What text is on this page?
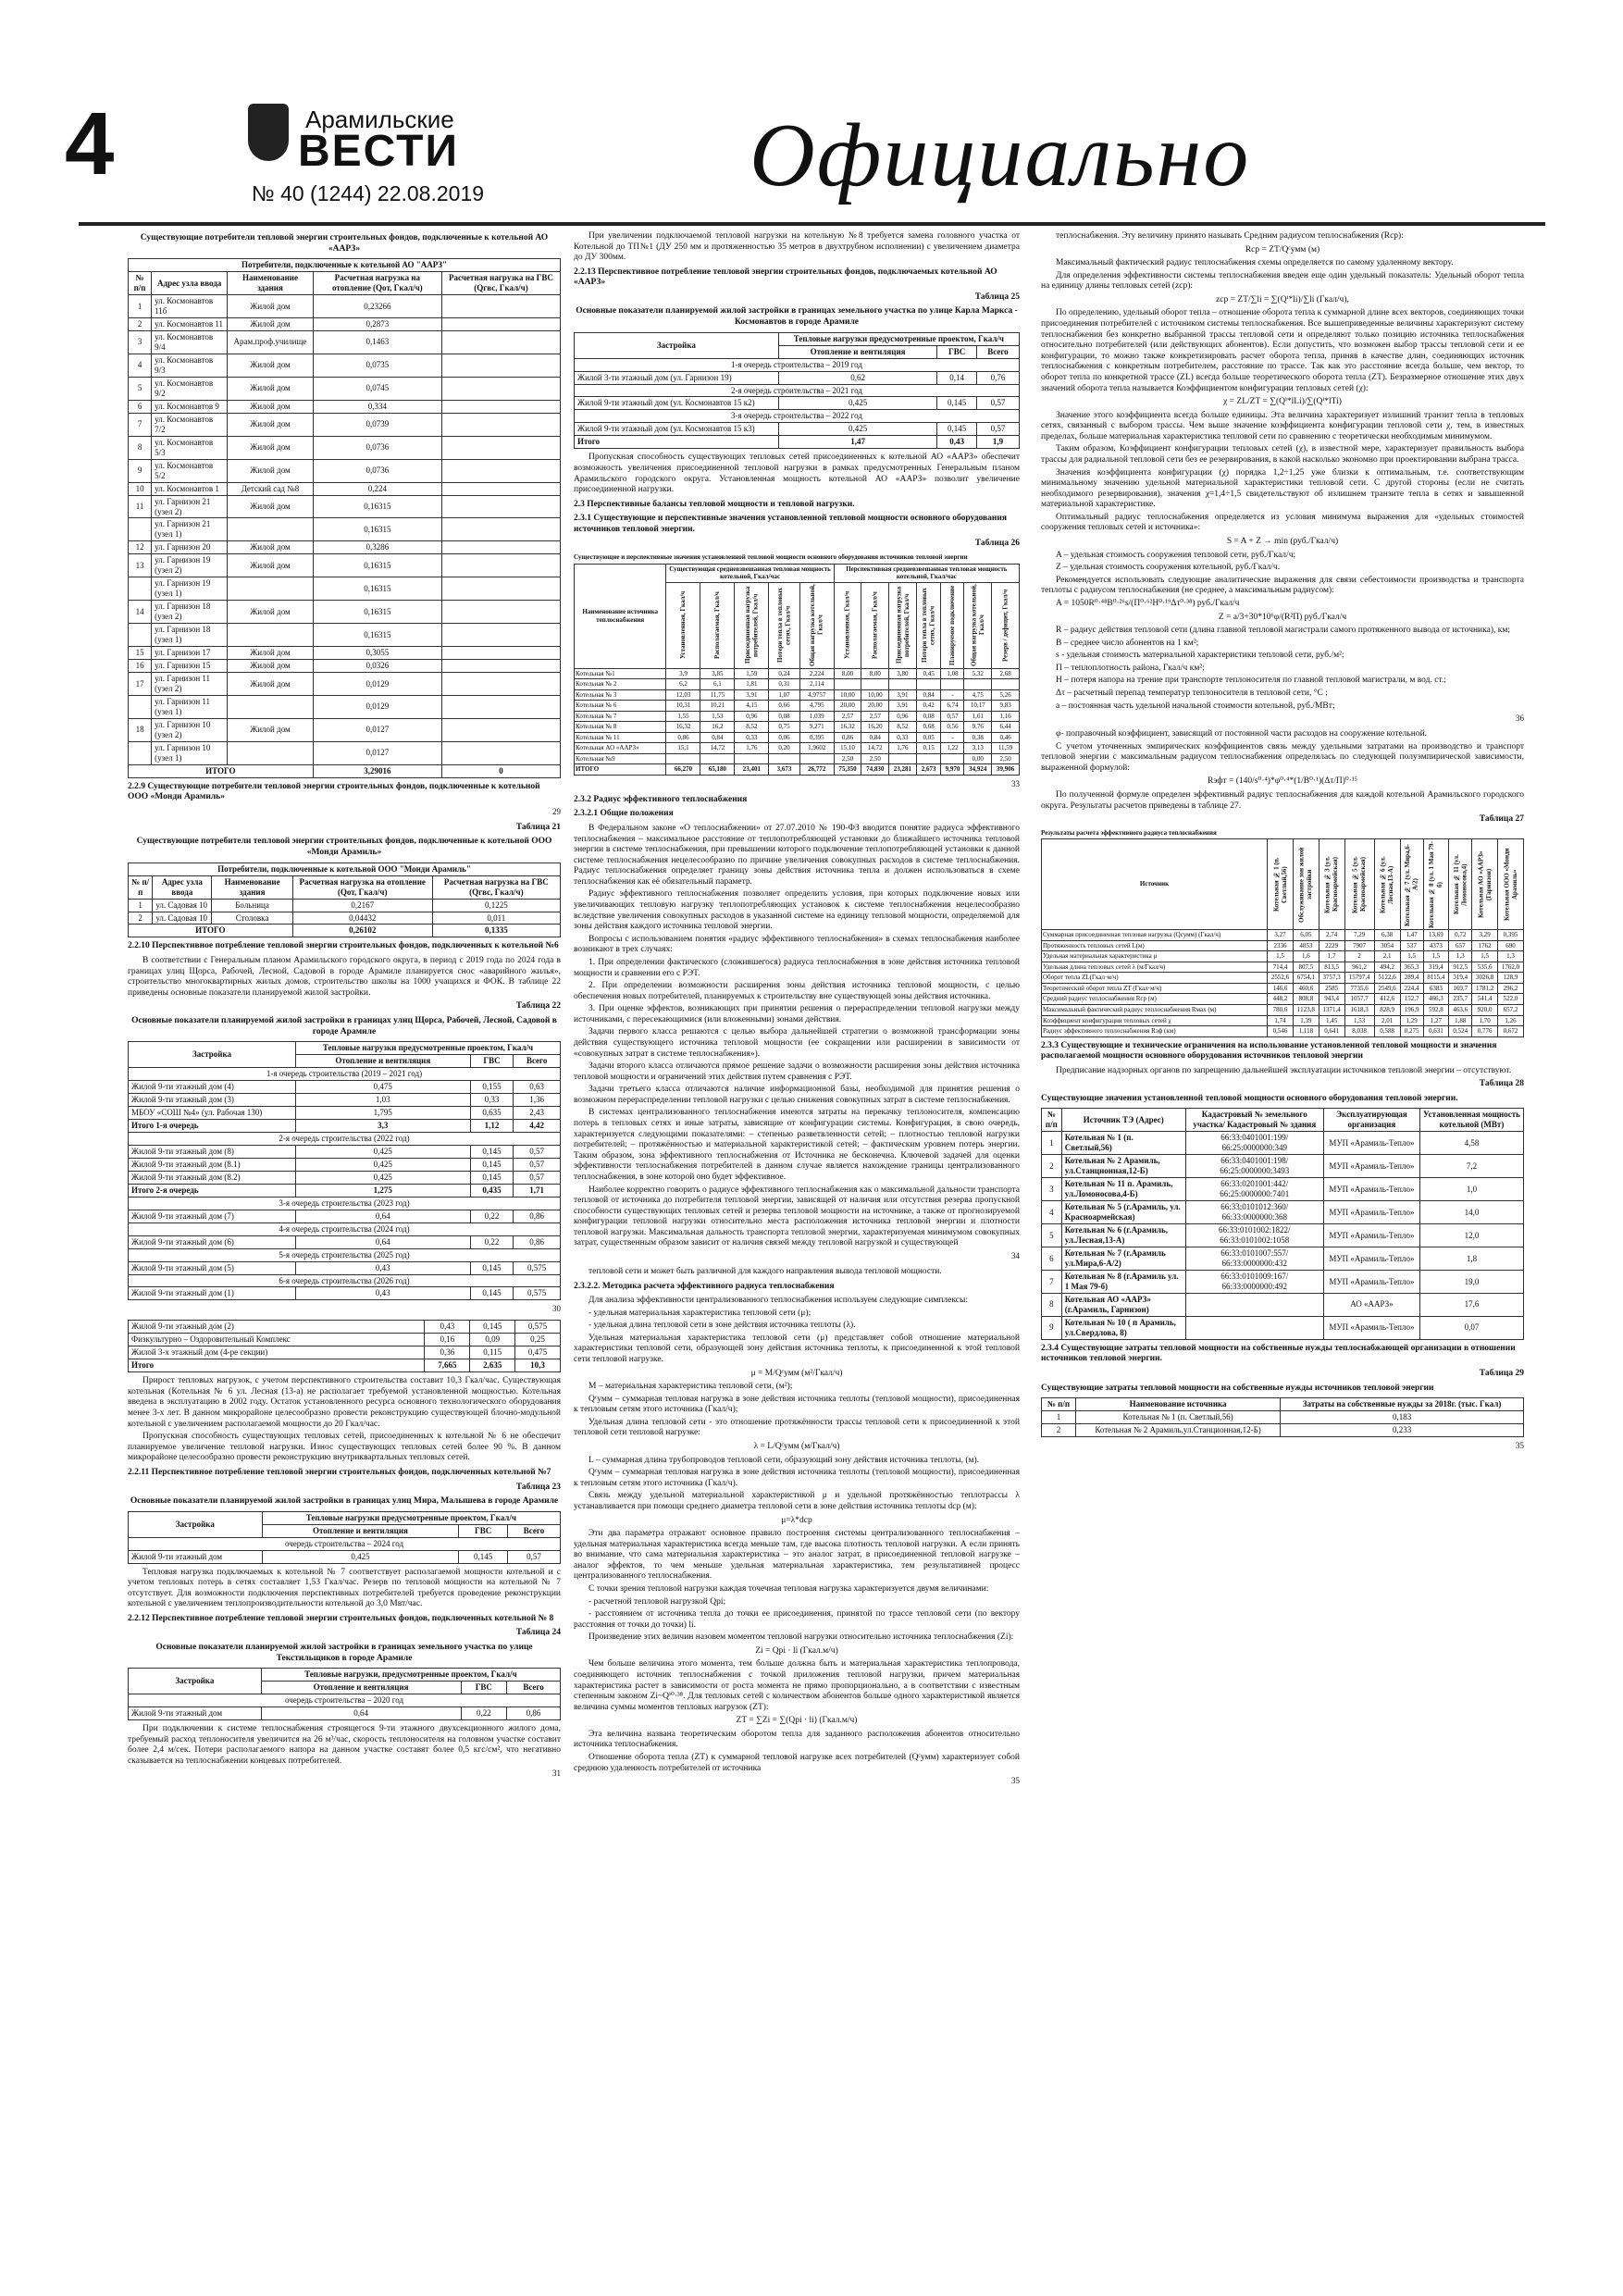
4	Арамильские
ВЕСТИ
№ 40 (1244) 22.08.2019	Официально
Существующие потребители тепловой энергии строительных фондов, подключенные к котельной АО «ААРЗ»
Потребители, подключенные к котельной АО "ААРЗ"				
№ п/п	Адрес узла ввода	Наименование здания	Расчетная нагрузка на отопление (Qот, Гкал/ч)	Расчетная нагрузка на ГВС (Qгвс, Гкал/ч)
1	ул. Космонавтов 11б	Жилой дом	0,23266	
2	ул. Космонавтов 11	Жилой дом	0,2873	
3	ул. Космонавтов 9/4	Арам.проф.училище	0,1463	
4	ул. Космонавтов 9/3	Жилой дом	0,0735	
5	ул. Космонавтов 9/2	Жилой дом	0,0745	
6	ул. Космонавтов 9	Жилой дом	0,334	
7	ул. Космонавтов 7/2	Жилой дом	0,0739	
8	ул. Космонавтов 5/3	Жилой дом	0,0736	
9	ул. Космонавтов 5/2	Жилой дом	0,0736	
10	ул. Космонавтов 1	Детский сад №8	0,224	
11	ул. Гарнизон 21 (узел 2)	Жилой дом	0,16315	
	ул. Гарнизон 21 (узел 1)		0,16315	
12	ул. Гарнизон 20	Жилой дом	0,3286	
13	ул. Гарнизон 19 (узел 2)	Жилой дом	0,16315	
	ул. Гарнизон 19 (узел 1)		0,16315	
14	ул. Гарнизон 18 (узел 2)	Жилой дом	0,16315	
	ул. Гарнизон 18 (узел 1)		0,16315	
15	ул. Гарнизон 17	Жилой дом	0,3055	
16	ул. Гарнизон 15	Жилой дом	0,0326	
17	ул. Гарнизон 11 (узел 2)	Жилой дом	0,0129	
	ул. Гарнизон 11 (узел 1)		0,0129	
18	ул. Гарнизон 10 (узел 2)	Жилой дом	0,0127	
	ул. Гарнизон 10 (узел 1)		0,0127	
ИТОГО			3,29016	0
2.2.9 Существующие потребители тепловой энергии строительных фондов, подключенные к котельной ООО «Монди Арамиль»
29
Таблица 21
Существующие потребители тепловой энергии строительных фондов, подключенные к котельной ООО «Монди Арамиль»
Потребители, подключенные к котельной ООО "Монди Арамиль"				
№ п/п	Адрес узла ввода	Наименование здания	Расчетная нагрузка на отопление (Qот, Гкал/ч)	Расчетная нагрузка на ГВС (Qгвс, Гкал/ч)
1	ул. Садовая 10	Больница	0,2167	0,1225
2	ул. Садовая 10	Столовка	0,04432	0,011
ИТОГО			0,26102	0,1335
2.2.10 Перспективное потребление тепловой энергии строительных фондов, подключенных к котельной №6
В соответствии с Генеральным планом Арамильского городского округа, в период с 2019 года по 2024 года в границах улиц Щорса, Рабочей, Лесной, Садовой в городе Арамиле планируется снос «аварийного жилья», строительство многоквартирных жилых домов, строительство школы на 1000 учащихся и ФОК. В таблице 22 приведены основные показатели планируемой жилой застройки.
Таблица 22
Основные показатели планируемой жилой застройки в границах улиц Щорса, Рабочей, Лесной, Садовой в городе Арамиле
Застройка	Тепловые нагрузки предусмотренные проектом, Гкал/ч		
	Отопление и вентиляция	ГВС	Всего
1-я очередь строительства (2019 – 2021 год)			
Жилой 9-ти этажный дом (4)	0,475	0,155	0,63
Жилой 9-ти этажный дом (3)	1,03	0,33	1,36
МБОУ «СОШ №4» (ул. Рабочая 130)	1,795	0,635	2,43
Итого 1-я очередь	3,3	1,12	4,42
2-я очередь строительства (2022 год)			
Жилой 9-ти этажный дом (8)	0,425	0,145	0,57
Жилой 9-ти этажный дом (8.1)	0,425	0,145	0,57
Жилой 9-ти этажный дом (8.2)	0,425	0,145	0,57
Итого 2-я очередь	1,275	0,435	1,71
3-я очередь строительства (2023 год)			
Жилой 9-ти этажный дом (7)	0,64	0,22	0,86
4-я очередь строительства (2024 год)			
Жилой 9-ти этажный дом (6)	0,64	0,22	0,86
5-я очередь строительства (2025 год)			
Жилой 9-ти этажный дом (5)	0,43	0,145	0,575
6-я очередь строительства (2026 год)			
Жилой 9-ти этажный дом (1)	0,43	0,145	0,575
30
Жилой 9-ти этажный дом (2)	0,43	0,145	0,575
Физкультурно – Оздоровительный Комплекс	0,16	0,09	0,25
Жилой 3-х этажный дом (4-ре секции)	0,36	0,115	0,475
Итого	7,665	2,635	10,3
Прирост тепловых нагрузок, с учетом перспективного строительства составит 10,3 Гкал/час. Существующая котельная (Котельная № 6 ул. Лесная (13-а) не располагает требуемой установленной мощностью. Котельная введена в эксплуатацию в 2002 году. Остаток установленного ресурса основного технологического оборудования менее 3-х лет. В данном микрорайоне целесообразно провести реконструкцию существующей блочно-модульной котельной с увеличением располагаемой мощности до 20 Гкал/час.
Пропускная способность существующих тепловых сетей, присоединенных к котельной № 6 не обеспечит планируемое увеличение тепловой нагрузки. Износ существующих тепловых сетей более 90 %. В данном микрорайоне целесообразно провести реконструкцию внутриквартальных тепловых сетей.
2.2.11 Перспективное потребление тепловой энергии строительных фондов, подключенных котельной №7
Таблица 23
Основные показатели планируемой жилой застройки в границах улиц Мира, Малышева в городе Арамиле
Застройка	Тепловые нагрузки предусмотренные проектом, Гкал/ч		
	Отопление и вентиляция	ГВС	Всего
очередь строительства – 2024 год			
Жилой 9-ти этажный дом	0,425	0,145	0,57
Тепловая нагрузка подключаемых к котельной № 7 соответствует располагаемой мощности котельной и с учетом тепловых потерь в сетях составляет 1,53 Гкал/час. Резерв по тепловой мощности на котельной № 7 отсутствует. Для возможности подключения перспективных потребителей требуется проведение реконструкции котельной с увеличением теплопроизводительности котельной до 3,0 Мвт/час.
2.2.12 Перспективное потребление тепловой энергии строительных фондов, подключенных котельной № 8
Таблица 24
Основные показатели планируемой жилой застройки в границах земельного участка по улице Текстильщиков в городе Арамиле
Застройка	Тепловые нагрузки, предусмотренные проектом, Гкал/ч		
	Отопление и вентиляция	ГВС	Всего
очередь строительства – 2020 год			
Жилой 9-ти этажный дом	0,64	0,22	0,86
При подключении к системе теплоснабжения строящегося 9-ти этажного двухсекционного жилого дома, требуемый расход теплоносителя увеличится на 26 м³/час, скорость теплоносителя на головном участке составит более 2,4 м/сек. Потери располагаемого напора на данном участке составят более 0,5 кгс/см², что негативно сказывается на теплоснабжении концевых потребителей.
31
При увеличении подключаемой тепловой нагрузки на котельную №8 требуется замена головного участка от Котельной до ТП№1 (ДУ 250 мм и протяженностью 35 метров в двухтрубном исполнении) с увеличением диаметра до ДУ 300мм.
2.2.13 Перспективное потребление тепловой энергии строительных фондов, подключаемых котельной АО «ААРЗ»
Таблица 25
Основные показатели планируемой жилой застройки в границах земельного участка по улице Карла Маркса - Космонавтов в городе Арамиле
Застройка	Тепловые нагрузки предусмотренные проектом, Гкал/ч		
	Отопление и вентиляция	ГВС	Всего
1-я очередь строительства – 2019 год			
Жилой 3-ти этажный дом (ул. Гарнизон 19)	0,62	0,14	0,76
2-я очередь строительства – 2021 год			
Жилой 9-ти этажный дом (ул. Космонавтов 15 к2)	0,425	0,145	0,57
3-я очередь строительства – 2022 год			
Жилой 9-ти этажный дом (ул. Космонавтов 15 к3)	0,425	0,145	0,57
Итого	1,47	0,43	1,9
Пропускная способность существующих тепловых сетей присоединенных к котельной АО «ААРЗ» обеспечит возможность увеличения присоединенной тепловой нагрузки в рамках предусмотренных Генеральным планом Арамильского городского округа. Установленная мощность котельной АО «ААРЗ» позволит увеличение присоединенной нагрузки.
2.3 Перспективные балансы тепловой мощности и тепловой нагрузки.
2.3.1 Существующие и перспективные значения установленной тепловой мощности основного оборудования источников тепловой энергии.
Таблица 26
Существующие и перспективные значения установленной тепловой мощности основного оборудования источников тепловой энергии
Наименование источника теплоснабжения	Существующая средневзвешанная тепловая мощность котельной, Гкал/час					Перспективная средневзвешанная тепловая мощность котельной, Гкал/час						
	Установленная, Гкал/ч	Располагаемая, Гкал/ч	Присоединенная нагрузка потребителей, Гкал/ч	Потери тепла в тепловых сетях, Гкал/ч	Общая нагрузка котельной, Гкал/ч	Установленная, Гкал/ч	Располагаемая, Гкал/ч	Присоединенная нагрузка потребителей, Гкал/ч	Потери тепла в тепловых сетях, Гкал/ч	Планируемое подключение	Общая нагрузка котельной, Гкал/ч	Резерв / дефицит, Гкал/ч
Котельная №1	3,9	3,85	1,59	0,24	2,224	8,00	8,00	3,80	0,45	1,08	5,32	2,68
Котельная № 2	6,2	6,1	1,81	0,31	2,114							
Котельная № 3	12,03	11,75	3,91	1,07	4,9757	10,00	10,00	3,91	0,84	-	4,75	5,26
Котельная № 6	10,31	10,21	4,15	0,66	4,795	20,00	20,00	3,91	0,42	6,74	10,17	9,83
Котельная № 7	1,55	1,53	0,96	0,08	1,039	2,57	2,57	0,96	0,08	0,57	1,61	1,16
Котельная № 8	16,32	16,2	8,52	0,75	9,271	16,32	16,20	8,52	0,68	0,56	9,76	6,44
Котельная № 11	0,86	0,84	0,33	0,06	0,395	0,86	0,84	0,33	0,05	-	0,38	0,46
Котельная АО «ААРЗ»	15,1	14,72	1,76	0,20	1,9602	15,10	14,72	1,76	0,15	1,22	3,13	11,59
Котельная №9						2,50	2,50				0,00	2,50
ИТОГО	66,270	65,180	23,401	3,673	26,772	75,350	74,830	23,281	2,673	9,970	34,924	39,906
33
2.3.2 Радиус эффективного теплоснабжения
2.3.2.1 Общие положения
В Федеральном законе «О теплоснабжении» от 27.07.2010 № 190-ФЗ вводится понятие радиуса эффективного теплоснабжения – максимальное расстояние от теплопотребляющей установки до ближайшего источника тепловой энергии в системе теплоснабжения, при превышении которого подключение теплопотребляющей установки к данной системе теплоснабжения нецелесообразно по причине увеличения совокупных расходов в системе теплоснабжения. Радиус теплоснабжения определяет границу зоны действия источника тепла и должен использоваться в схеме теплоснабжения как её обязательный параметр.
Радиус эффективного теплоснабжения позволяет определить условия, при которых подключение новых или увеличивающих тепловую нагрузку теплопотребляющих установок к системе теплоснабжения нецелесообразно вследствие увеличения совокупных расходов в указанной системе на единицу тепловой мощности, определяемой для зоны действия каждого источника тепловой энергии.
Вопросы с использованием понятия «радиус эффективного теплоснабжения» в схемах теплоснабжения наиболее возникают в трех случаях:
1. При определении фактического (сложившегося) радиуса теплоснабжения в зоне действия источника тепловой мощности и сравнении его с РЭТ.
2. При определении возможности расширения зоны действия источника тепловой мощности, с целью обеспечения новых потребителей, планируемых к строительству вне существующей зоны действия источника.
3. При оценке эффектов, возникающих при принятии решения о перераспределении тепловой нагрузки между источниками, с пересекающимися (или вложенными) зонами действия.
Задачи первого класса решаются с целью выбора дальнейшей стратегии о возможной трансформации зоны действия существующего источника тепловой мощности (ее сокращении или расширении в зависимости от «совокупных затрат в системе теплоснабжения»).
Задачи второго класса отличаются прямое решение задачи о возможности расширения зоны действия источника тепловой мощности и ограничений этих действия путем сравнения с РЭТ.
Задачи третьего класса отличаются наличие информационной базы, необходимой для принятия решения о возможном перераспределении тепловой нагрузки с целью снижения совокупных затрат в системе теплоснабжения.
В системах централизованного теплоснабжения имеются затраты на перекачку теплоносителя, компенсацию потерь в тепловых сетях и иные затраты, зависящие от конфигурации системы. Конфигурация, в свою очередь, характеризуется следующими показателями: – степенью разветвленности сетей; – плотностью тепловой нагрузки потребителей; – протяжённостью и материальной характеристикой сетей; – фактическим уровнем потерь энергии. Таким образом, зона эффективного теплоснабжения от Источника не бесконечна. Ключевой задачей для оценки эффективности теплоснабжения потребителей в данном случае является нахождение границы централизованного теплоснабжения, в зоне которой оно будет эффективное.
Наиболее корректно говорить о радиусе эффективного теплоснабжения как о максимальной дальности транспорта тепловой от источника до потребителя тепловой энергии, зависящей от наличия или отсутствия резерва пропускной способности существующих тепловых сетей и резерва тепловой мощности на источнике, а также от прогнозируемой конфигурации тепловой нагрузки относительно места расположения источника тепловой энергии и плотности тепловой нагрузки. Максимальная дальность транспорта тепловой энергии, характеризуемая минимумом совокупных затрат, существенным образом зависит от наличия связей между тепловой нагрузкой и существующей
34
тепловой сети и может быть различной для каждого направления вывода тепловой мощности.
2.3.2.2. Методика расчета эффективного радиуса теплоснабжения
Для анализа эффективности централизованного теплоснабжения используем следующие симплексы:
- удельная материальная характеристика тепловой сети (μ);
- удельная длина тепловой сети в зоне действия источника теплоты (λ).
Удельная материальная характеристика тепловой сети (μ) представляет собой отношение материальной характеристики тепловой сети, образующей зону действия источника теплоты, к присоединенной к этой тепловой сети тепловой нагрузке.
μ = M/Qᶜумм (м²/Гкал/ч)
M – материальная характеристика тепловой сети, (м²);
Qᶜумм – суммарная тепловая нагрузка в зоне действия источника теплоты (тепловой мощности), присоединенная к тепловым сетям этого источника (Гкал/ч);
Удельная длина тепловой сети - это отношение протяжённости трассы тепловой сети к присоединенной к этой тепловой сети тепловой нагрузке:
λ = L/Qᶜумм (м/Гкал/ч)
L – суммарная длина трубопроводов тепловой сети, образующий зону действия источника теплоты, (м).
Qᶜумм – суммарная тепловая нагрузка в зоне действия источника теплоты (тепловой мощности), присоединенная к тепловым сетям этого источника (Гкал/ч).
Связь между удельной материальной характеристикой μ и удельной протяжённостью теплотрассы λ устанавливается при помощи среднего диаметра тепловой сети в зоне действия источника теплоты dср (м):
μ=λ*dср
Эти два параметра отражают основное правило построения системы централизованного теплоснабжения – удельная материальная характеристика всегда меньше там, где высока плотность тепловой нагрузки. А если принять во внимание, что сама материальная характеристика – это аналог затрат, в присоединенной тепловой нагрузке – аналог эффектов, то чем меньше удельная материальная характеристика, тем результативней процесс централизованного теплоснабжения.
С точки зрения тепловой нагрузки каждая точечная тепловая нагрузка характеризуется двумя величинами:
- расчетной тепловой нагрузкой Qрi;
- расстоянием от источника тепла до точки ее присоединения, принятой по трассе тепловой сети (по вектору расстояния от точки до точки) li.
Произведение этих величин назовем моментом тепловой нагрузки относительно источника теплоснабжения (Zi):
Zi = Qрi · li (Гкал.м/ч)
Чем больше величина этого момента, тем больше должна быть и материальная характеристика теплопровода, соединяющего источник теплоснабжения с точкой приложения тепловой нагрузки, причем материальная характеристика растет в зависимости от роста момента не прямо пропорционально, а в соответствии с известным степенным законом Zi~Qⁱ⁰·³⁸. Для тепловых сетей с количеством абонентов больше одного характеристикой является величина суммы моментов тепловых нагрузок (ZT):
ZT = ∑Zi = ∑(Qрi · li) (Гкал.м/ч)
Эта величина названа теоретическим оборотом тепла для заданного расположения абонентов относительно источника теплоснабжения.
Отношение оборота тепла (ZT) к суммарной тепловой нагрузке всех потребителей (Qᶜумм) характеризует собой среднюю удаленность потребителей от источника
35
теплоснабжения. Эту величину принято называть Средним радиусом теплоснабжения (Rср):
Rср = ZT/Qᶜумм (м)
Максимальный фактический радиус теплоснабжения схемы определяется по самому удаленному вектору.
Для определения эффективности системы теплоснабжения введен еще один удельный показатель: Удельный оборот тепла на единицу длины тепловых сетей (zср):
zср = ZT/∑li = ∑(Qⁱ*li)/∑li (Гкал/ч),
По определению, удельный оборот тепла – отношение оборота тепла к суммарной длине всех векторов, соединяющих точки присоединения потребителей с источником системы теплоснабжения. Все вышеприведенные величины характеризуют систему теплоснабжения без конкретно выбранной трассы тепловой сети и определяют только позицию источника теплоснабжения относительно потребителей (или действующих абонентов). Если допустить, что возможен выбор трассы тепловой сети и ее конфигурации, то можно также конкретизировать расчет оборота тепла, приняв в качестве длин, соединяющих источник теплоснабжения с конкретным потребителем, расстояние по трассе. Так как это расстояние всегда больше, чем вектор, то оборот тепла по конкретной трассе (ZL) всегда больше теоретического оборота тепла (ZT). Безразмерное отношение этих двух значений оборота тепла называется Коэффициентом конфигурации тепловых сетей (χ):
χ = ZL/ZT = ∑(Qⁱ*lLi)/∑(Qⁱ*lTi)
Значение этого коэффициента всегда больше единицы. Эта величина характеризует излишний транзит тепла в тепловых сетях, связанный с выбором трассы. Чем выше значение коэффициента конфигурации тепловой сети χ, тем, в известных пределах, больше материальная характеристика тепловой сети по сравнению с теоретически необходимым минимумом.
Таким образом, Коэффициент конфигурации тепловых сетей (χ), в известной мере, характеризует правильность выбора трассы для радиальной тепловой сети без ее резервирования, в какой насколько экономно при проектировании выбрана трасса.
Значения коэффициента конфигурации (χ) порядка 1,2÷1,25 уже близки к оптимальным, т.е. соответствующим минимальному значению удельной материальной характеристики тепловой сети. С другой стороны (если не считать необходимого резервирования), значения χ=1,4÷1,5 свидетельствуют об излишнем транзите тепла в сетях и завышенной материальной характеристике.
Оптимальный радиус теплоснабжения определяется из условия минимума выражения для «удельных стоимостей сооружения тепловых сетей и источника»:
S = A + Z → min (руб./Гкал/ч)
A – удельная стоимость сооружения тепловой сети, руб./Гкал/ч;
Z – удельная стоимость сооружения котельной, руб./Гкал/ч.
Рекомендуется использовать следующие аналитические выражения для связи себестоимости производства и транспорта теплоты с радиусом теплоснабжения (не среднее, а максимальным радиусом):
A = 1050R⁰·⁴⁸B⁰·²⁶s/(П⁰·⁶²H⁰·¹⁹Δτ⁰·³⁸) руб./Гкал/ч
Z = a/3+30*10⁶φ/(R²П) руб./Гкал/ч
R – радиус действия тепловой сети (длина главной тепловой магистрали самого протяженного вывода от источника), км;
B – среднее число абонентов на 1 км²;
s - удельная стоимость материальной характеристики тепловой сети, руб./м²;
П – теплоплотность района, Гкал/ч км²;
H – потеря напора на трение при транспорте теплоносителя по главной тепловой магистрали, м вод. ст.;
Δτ – расчетный перепад температур теплоносителя в тепловой сети, °С ;
a – постоянная часть удельной начальной стоимости котельной, руб./МВт;
36
φ- поправочный коэффициент, зависящий от постоянной части расходов на сооружение котельной.
С учетом уточненных эмпирических коэффициентов связь между удельными затратами на производство и транспорт тепловой энергии с максимальным радиусом теплоснабжения определялась по следующей полуэмпирической зависимости, выраженной формулой:
Rэфт = (140/s⁰·⁴)*φ⁰·⁴*(1/B⁰·¹)(Δτ/П)⁰·¹⁵
По полученной формуле определен эффективный радиус теплоснабжения для каждой котельной Арамильского городского округа. Результаты расчетов приведены в таблице 27.
Таблица 27
Результаты расчета эффективного радиуса теплоснабжения
Источник	Котельная № 1 (п. Светлый,56)	Обслуживание зон жилой застройки	Котельная № 3 (ул. Красноармейская)	Котельная № 5 (ул. Красноармейская)	Котельная № 6 (ул. Лесная,13-А)	Котельная № 7 (ул. Мира,6-А/2)	Котельная № 8 (ул. 1 Мая 79-б)	Котельная № 11 (ул. Ломоносова,4)	Котельная АО «ААРЗ» (Гарнизон)	Котельная ООО «Монди Арамиль»
Суммарная присоединенная тепловая нагрузка (Qсумм) (Гкал/ч)	3,27	6,05	2,74	7,29	6,38	1,47	13,69	0,72	3,29	0,395
Протяженность тепловых сетей L(м)	2336	4853	2229	7907	3054	537	4373	657	1762	690
Удельная материальная характеристика μ	1,5	1,6	1,7	2	2,1	1,5	1,5	1,3	1,5	1,3
Удельная длина тепловых сетей λ (м/Гкал/ч)	714,4	807,5	813,5	961,2	494,2	365,3	319,4	912,5	535,6	1762,0
Оборот тепла ZL(Гкал·м/ч)	2552,6	6754,1	3757,3	15797,4	5122,6	289,4	8115,4	319,4	3026,8	128,9
Теоретический оборот тепла ZT (Гкал·м/ч)	146,6	460,6	2585	7735,6	2549,6	224,4	6383	169,7	1781,2	296,2
Средний радиус теплоснабжения Rср (м)	448,2	808,8	943,4	1057,7	412,6	152,7	466,3	235,7	541,4	522,0
Максимальный фактический радиус теплоснабжения Rмах (м)	780,6	1123,8	1371,4	1618,3	828,9	196,9	592,8	463,6	920,0	657,2
Коэффициент конфигурации тепловых сетей χ	1,74	1,39	1,45	1,53	2,01	1,29	1,27	1,88	1,70	1,26
Радиус эффективного теплоснабжения Rэф (км)	0,546	1,118	0,641	8,038	0,588	0,275	0,631	0,524	0,776	0,672
2.3.3 Существующие и технические ограничения на использование установленной тепловой мощности и значения располагаемой мощности основного оборудования источников тепловой энергии
Предписание надзорных органов по запрещению дальнейшей эксплуатации источников тепловой энергии – отсутствуют.
Таблица 28
Существующие значения установленной тепловой мощности основного оборудования тепловой энергии.
№ п/п	Источник ТЭ (Адрес)	Кадастровый № земельного участка/ Кадастровый № здания	Эксплуатирующая организация	Установленная мощность котельной (МВт)
1	Котельная № 1 (п. Светлый,56)	66:33:0401001:199/ 66:25:0000000:349	МУП «Арамиль-Тепло»	4,58
2	Котельная № 2 Арамиль, ул.Станционная,12-Б)	66:33:0401001:198/ 66:25:0000000:3493	МУП «Арамиль-Тепло»	7,2
3	Котельная № 11 п. Арамиль, ул.Ломоносова,4-Б)	66:33:0201001:442/ 66:25:0000000:7401	МУП «Арамиль-Тепло»	1,0
4	Котельная № 5 (г.Арамиль, ул. Красноармейская)	66:33:0101012:360/ 66:33:0000000:368	МУП «Арамиль-Тепло»	14,0
5	Котельная № 6 (г.Арамиль, ул.Лесная,13-А)	66:33:0101002:1822/ 66:33:0101002:1058	МУП «Арамиль-Тепло»	12,0
6	Котельная № 7 (г.Арамиль ул.Мира,6-А/2)	66:33:0101007:557/ 66:33:0000000:432	МУП «Арамиль-Тепло»	1,8
7	Котельная № 8 (г.Арамиль ул. 1 Мая 79-б)	66:33:0101009:167/ 66:33:0000000:492	МУП «Арамиль-Тепло»	19,0
8	Котельная АО «ААРЗ» (г.Арамиль, Гарнизон)		АО «ААРЗ»	17,6
9	Котельная № 10 ( п Арамиль, ул.Свердлова, 8)		МУП «Арамиль-Тепло»	0,07
2.3.4 Существующие затраты тепловой мощности на собственные нужды теплоснабжающей организации в отношении источников тепловой энергии.
Таблица 29
Существующие затраты тепловой мощности на собственные нужды источников тепловой энергии
№ п/п	Наименование источника	Затраты на собственные нужды за 2018г. (тыс. Гкал)
1	Котельная № 1 (п. Светлый,56)	0,183
2	Котельная № 2 Арамиль,ул.Станционная,12-Б)	0,233
35
